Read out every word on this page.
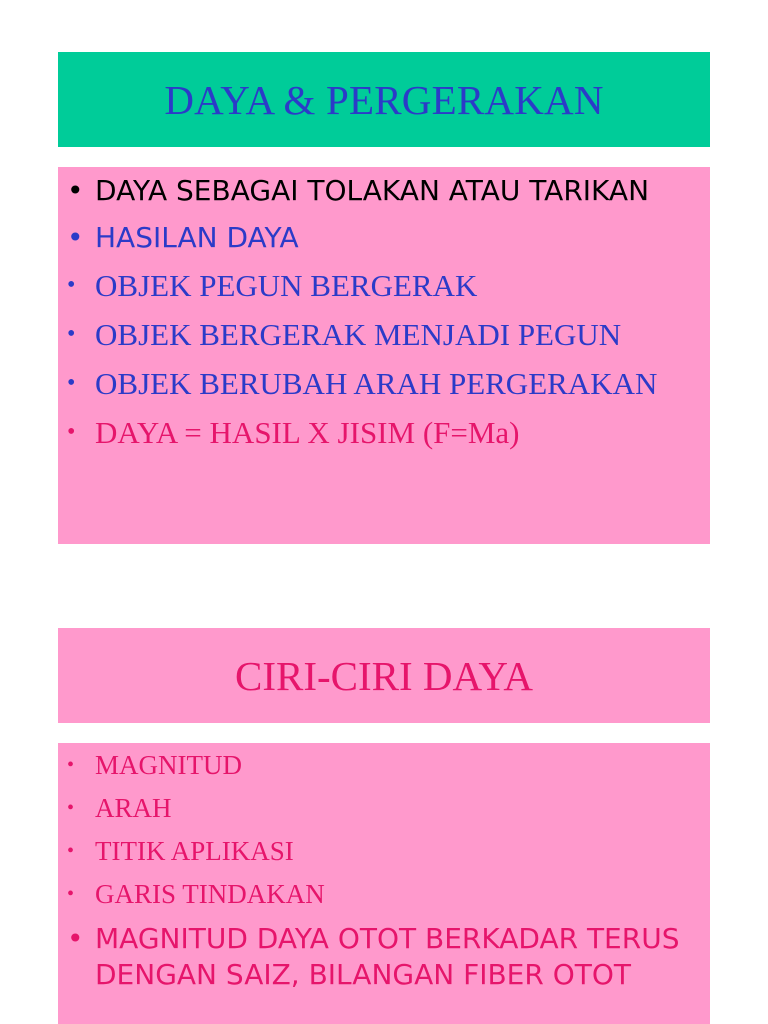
DAYA & PERGERAKAN
• DAYA SEBAGAI TOLAKAN ATAU TARIKAN
• HASILAN DAYA
• OBJEK PEGUN BERGERAK
• OBJEK BERGERAK MENJADI PEGUN
• OBJEK BERUBAH ARAH PERGERAKAN
• DAYA = HASIL X JISIM (F=Ma)
CIRI-CIRI DAYA
• MAGNITUD
• ARAH
• TITIK APLIKASI
• GARIS TINDAKAN
• MAGNITUD DAYA OTOT BERKADAR TERUS DENGAN SAIZ, BILANGAN FIBER OTOT
